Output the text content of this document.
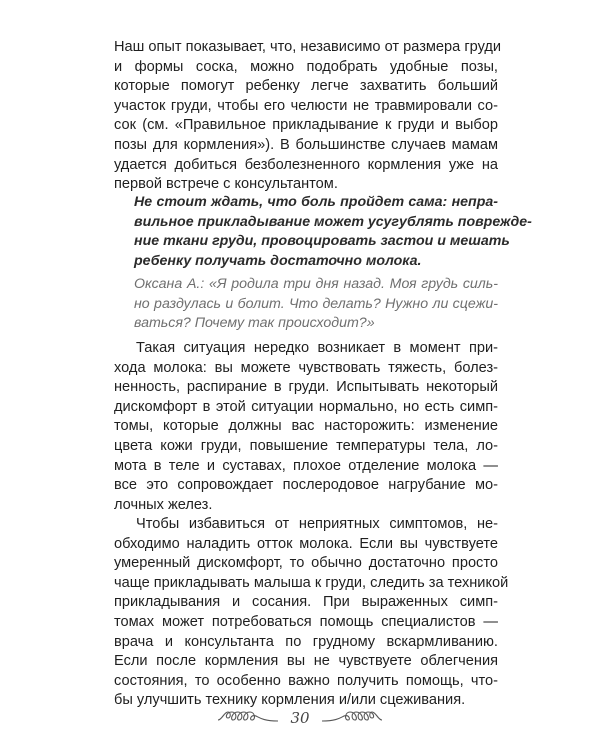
Наш опыт показывает, что, независимо от размера груди
и формы соска, можно подобрать удобные позы,
которые помогут ребенку легче захватить больший
участок груди, чтобы его челюсти не травмировали со-
сок (см. «Правильное прикладывание к груди и выбор
позы для кормления»). В большинстве случаев мамам
удается добиться безболезненного кормления уже на
первой встрече с консультантом.
Не стоит ждать, что боль пройдет сама: непра-
вильное прикладывание может усугублять поврежде-
ние ткани груди, провоцировать застои и мешать
ребенку получать достаточно молока.
Оксана А.: «Я родила три дня назад. Моя грудь силь-
но раздулась и болит. Что делать? Нужно ли сцежи-
ваться? Почему так происходит?»
Такая ситуация нередко возникает в момент при-
хода молока: вы можете чувствовать тяжесть, болез-
ненность, распирание в груди. Испытывать некоторый
дискомфорт в этой ситуации нормально, но есть симп-
томы, которые должны вас насторожить: изменение
цвета кожи груди, повышение температуры тела, ло-
мота в теле и суставах, плохое отделение молока —
все это сопровождает послеродовое нагрубание мо-
лочных желез.
Чтобы избавиться от неприятных симптомов, не-
обходимо наладить отток молока. Если вы чувствуете
умеренный дискомфорт, то обычно достаточно просто
чаще прикладывать малыша к груди, следить за техникой
прикладывания и сосания. При выраженных симп-
томах может потребоваться помощь специалистов —
врача и консультанта по грудному вскармливанию.
Если после кормления вы не чувствуете облегчения
состояния, то особенно важно получить помощь, что-
бы улучшить технику кормления и/или сцеживания.
30
